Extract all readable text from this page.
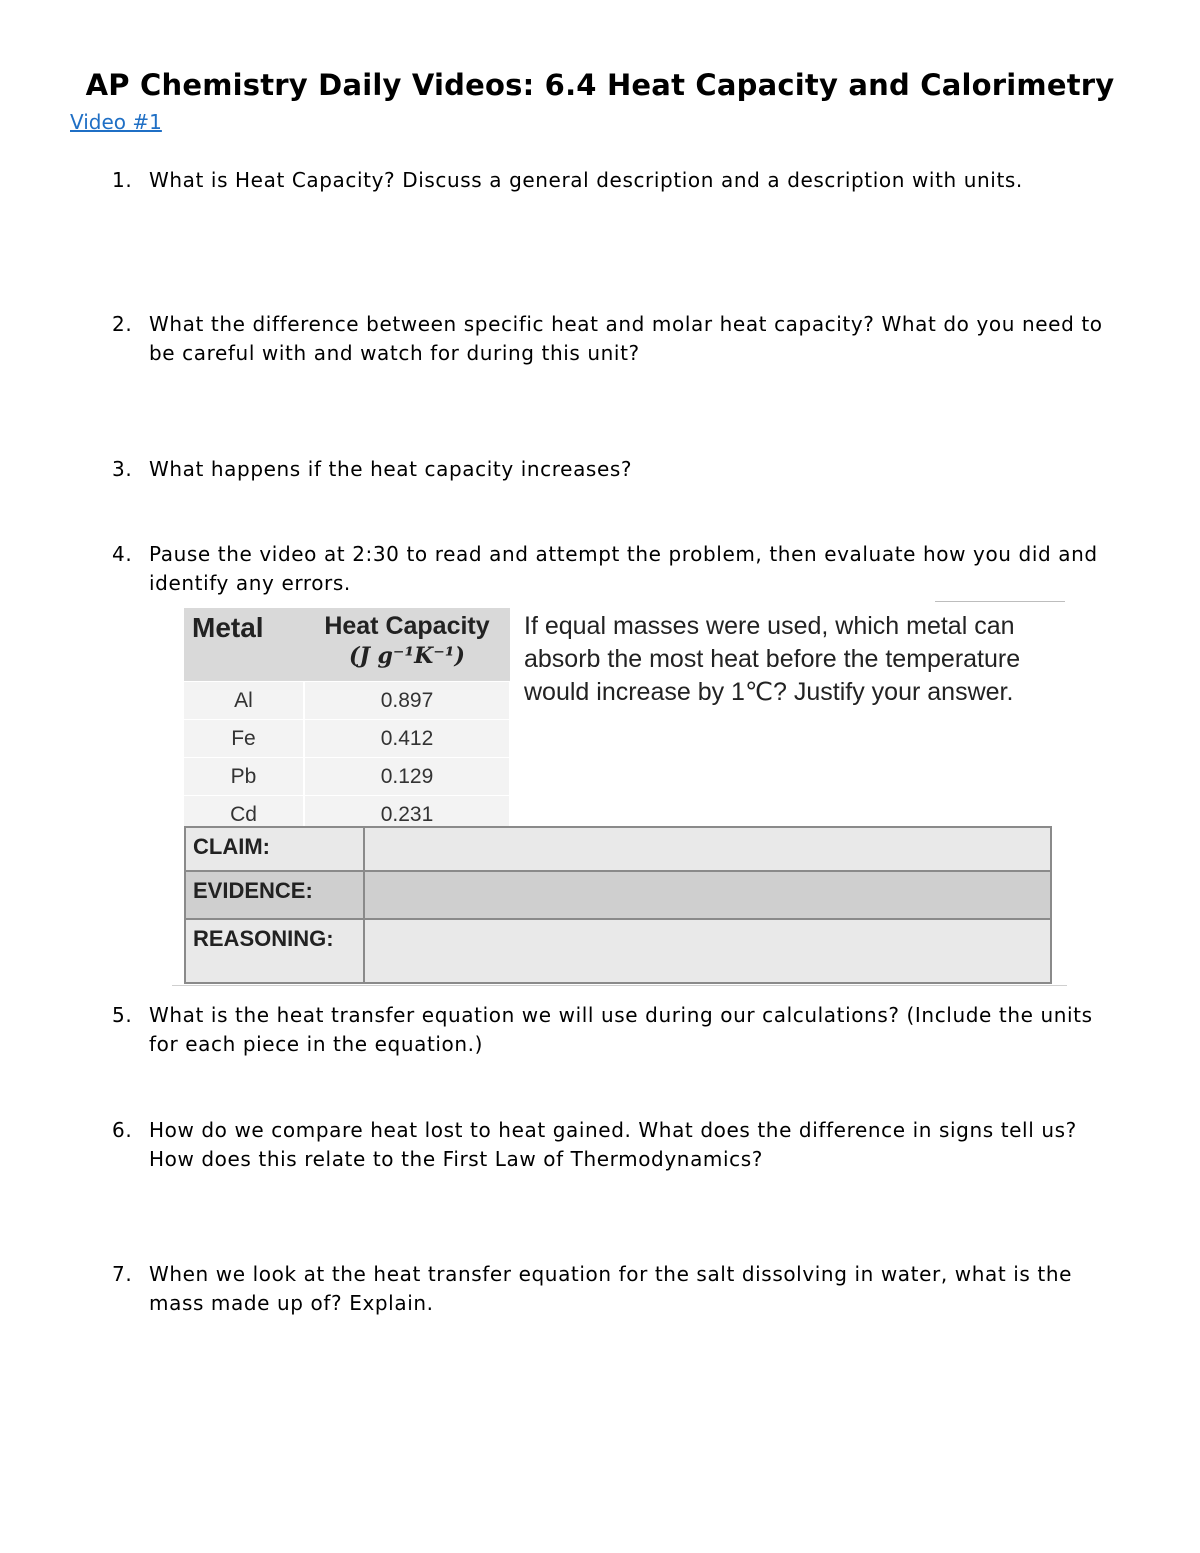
AP Chemistry Daily Videos: 6.4 Heat Capacity and Calorimetry
Video #1
1. What is Heat Capacity? Discuss a general description and a description with units.
2. What the difference between specific heat and molar heat capacity? What do you need to be careful with and watch for during this unit?
3. What happens if the heat capacity increases?
4. Pause the video at 2:30 to read and attempt the problem, then evaluate how you did and identify any errors.
Metal	Heat Capacity
(J g⁻¹K⁻¹)

Al	0.897
Fe	0.412
Pb	0.129
Cd	0.231
If equal masses were used, which metal can absorb the most heat before the temperature would increase by 1℃? Justify your answer.
CLAIM:	
EVIDENCE:	
REASONING:	
5. What is the heat transfer equation we will use during our calculations? (Include the units for each piece in the equation.)
6. How do we compare heat lost to heat gained. What does the difference in signs tell us? How does this relate to the First Law of Thermodynamics?
7. When we look at the heat transfer equation for the salt dissolving in water, what is the mass made up of? Explain.
